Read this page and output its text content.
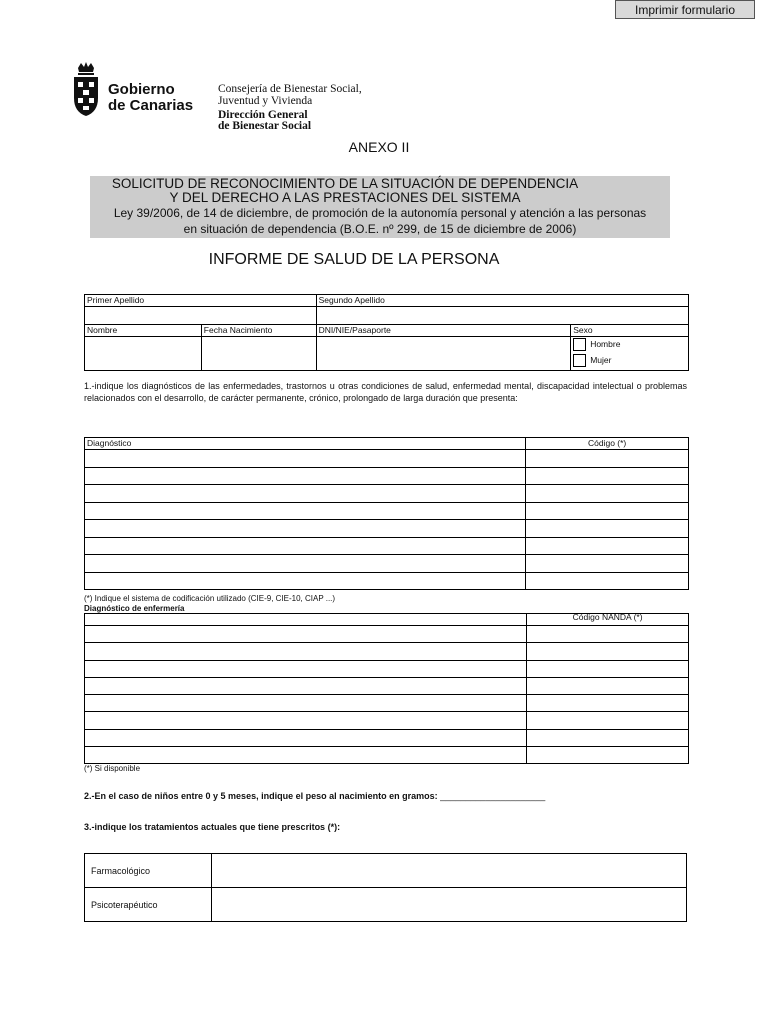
Imprimir formulario
Gobierno
de Canarias
Consejería de Bienestar Social,
Juventud y Vivienda
Dirección General
de Bienestar Social
ANEXO II
SOLICITUD DE RECONOCIMIENTO DE LA SITUACIÓN DE DEPENDENCIA
Y DEL DERECHO A LAS PRESTACIONES DEL SISTEMA
Ley 39/2006, de 14 de diciembre, de promoción de la autonomía personal y atención a las personas
en situación de dependencia (B.O.E. nº 299, de 15 de diciembre de 2006)
INFORME DE SALUD DE LA PERSONA
Primer Apellido		Segundo Apellido	

Nombre	Fecha Nacimiento	DNI/NIE/Pasaporte	Sexo

			Hombre
Mujer
1.-indique los diagnósticos de las enfermedades, trastornos u otras condiciones de salud, enfermedad mental, discapacidad intelectual o problemas relacionados con el desarrollo, de carácter permanente, crónico, prolongado de larga duración que presenta:
Diagnóstico	Código (*)

(*) Indique el sistema de codificación utilizado (CIE-9, CIE-10, CIAP ...)
Diagnóstico de enfermería
	Código NANDA (*)

(*) Si disponible
2.-En el caso de niños entre 0 y 5 meses, indique el peso al nacimiento en gramos: _____________________
3.-indique los tratamientos actuales que tiene prescritos (*):
Farmacológico	
Psicoterapéutico	
